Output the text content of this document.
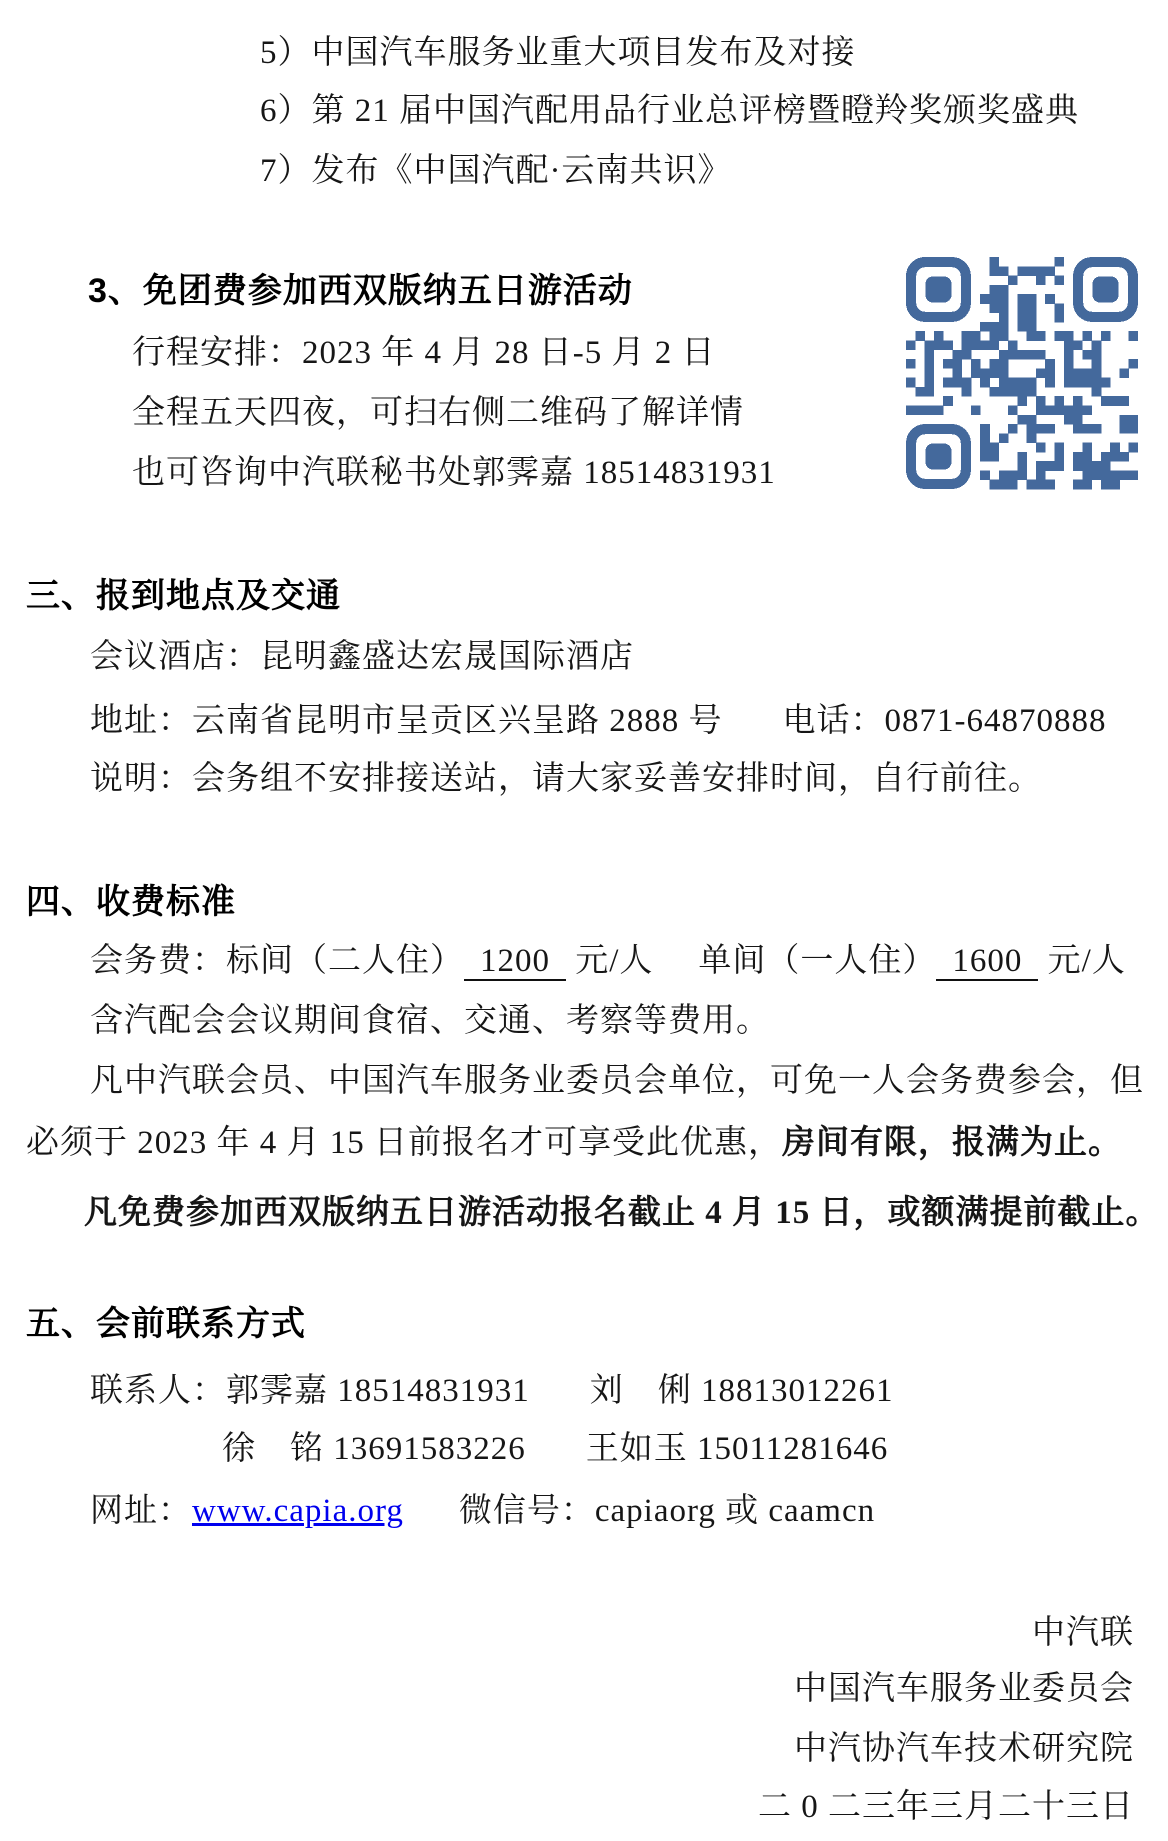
5）中国汽车服务业重大项目发布及对接
6）第 21 届中国汽配用品行业总评榜暨瞪羚奖颁奖盛典
7）发布《中国汽配·云南共识》
3、免团费参加西双版纳五日游活动
行程安排：2023 年 4 月 28 日-5 月 2 日
全程五天四夜，可扫右侧二维码了解详情
也可咨询中汽联秘书处郭霁嘉 18514831931
三、报到地点及交通
会议酒店：昆明鑫盛达宏晟国际酒店
地址：云南省昆明市呈贡区兴呈路 2888 号 电话：0871-64870888
说明：会务组不安排接送站，请大家妥善安排时间，自行前往。
四、收费标准
会务费：标间（二人住） 1200 元/人 单间（一人住） 1600 元/人
含汽配会会议期间食宿、交通、考察等费用。
凡中汽联会员、中国汽车服务业委员会单位，可免一人会务费参会，但
必须于 2023 年 4 月 15 日前报名才可享受此优惠，房间有限，报满为止。
凡免费参加西双版纳五日游活动报名截止 4 月 15 日，或额满提前截止。
五、会前联系方式
联系人：郭霁嘉 18514831931 刘　俐 18813012261
徐　铭 13691583226 王如玉 15011281646
网址：www.capia.org 微信号：capiaorg 或 caamcn
中汽联
中国汽车服务业委员会
中汽协汽车技术研究院
二 0 二三年三月二十三日
